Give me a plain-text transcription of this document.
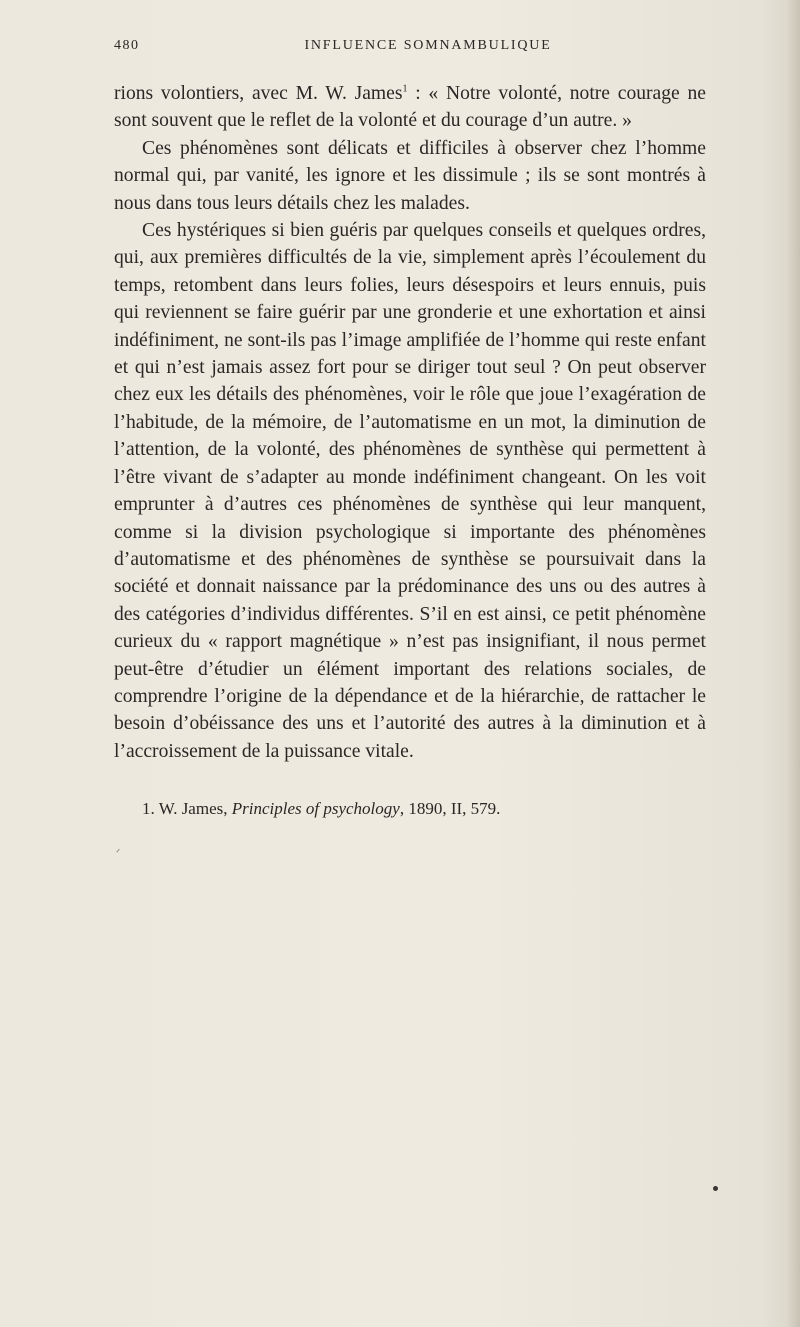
480	INFLUENCE SOMNAMBULIQUE

rions volontiers, avec M. W. James$^1$ : « Notre volonté, notre courage ne sont souvent que le reflet de la volonté et du courage d’un autre. »

Ces phénomènes sont délicats et difficiles à observer chez l’homme normal qui, par vanité, les ignore et les dissimule ; ils se sont montrés à nous dans tous leurs détails chez les malades.

Ces hystériques si bien guéris par quelques conseils et quelques ordres, qui, aux premières difficultés de la vie, simplement après l’écoulement du temps, retombent dans leurs folies, leurs désespoirs et leurs ennuis, puis qui reviennent se faire guérir par une gronderie et une exhortation et ainsi indéfiniment, ne sont-ils pas l’image amplifiée de l’homme qui reste enfant et qui n’est jamais assez fort pour se diriger tout seul ? On peut observer chez eux les détails des phénomènes, voir le rôle que joue l’exagération de l’habitude, de la mémoire, de l’automatisme en un mot, la diminution de l’attention, de la volonté, des phénomènes de synthèse qui permettent à l’être vivant de s’adapter au monde indéfiniment changeant. On les voit emprunter à d’autres ces phénomènes de synthèse qui leur manquent, comme si la division psychologique si importante des phénomènes d’automatisme et des phénomènes de synthèse se poursuivait dans la société et donnait naissance par la prédominance des uns ou des autres à des catégories d’individus différentes. S’il en est ainsi, ce petit phénomène curieux du « rapport magnétique » n’est pas insignifiant, il nous permet peut-être d’étudier un élément important des relations sociales, de comprendre l’origine de la dépendance et de la hiérarchie, de rattacher le besoin d’obéissance des uns et l’autorité des autres à la diminution et à l’accroissement de la puissance vitale.

1. W. James, Principles of psychology, 1890, II, 579.
ᐟ
